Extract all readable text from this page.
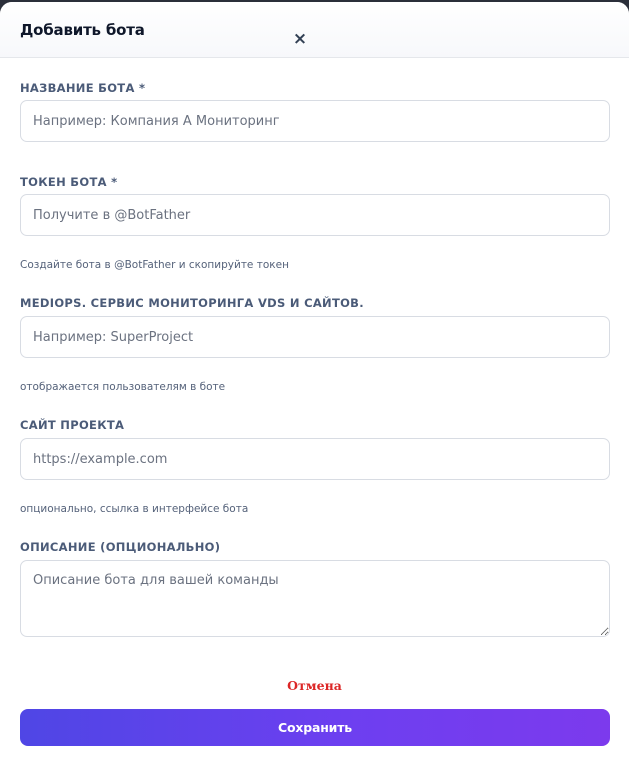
Добавить бота	×
НАЗВАНИЕ БОТА *
Например: Компания А Мониторинг
ТОКЕН БОТА *
Получите в @BotFather
Создайте бота в @BotFather и скопируйте токен
MEDIOPS. СЕРВИС МОНИТОРИНГА VDS И САЙТОВ.
Например: SuperProject
отображается пользователям в боте
САЙТ ПРОЕКТА
https://example.com
опционально, ссылка в интерфейсе бота
ОПИСАНИЕ (ОПЦИОНАЛЬНО)
Описание бота для вашей команды
Отмена
Сохранить
